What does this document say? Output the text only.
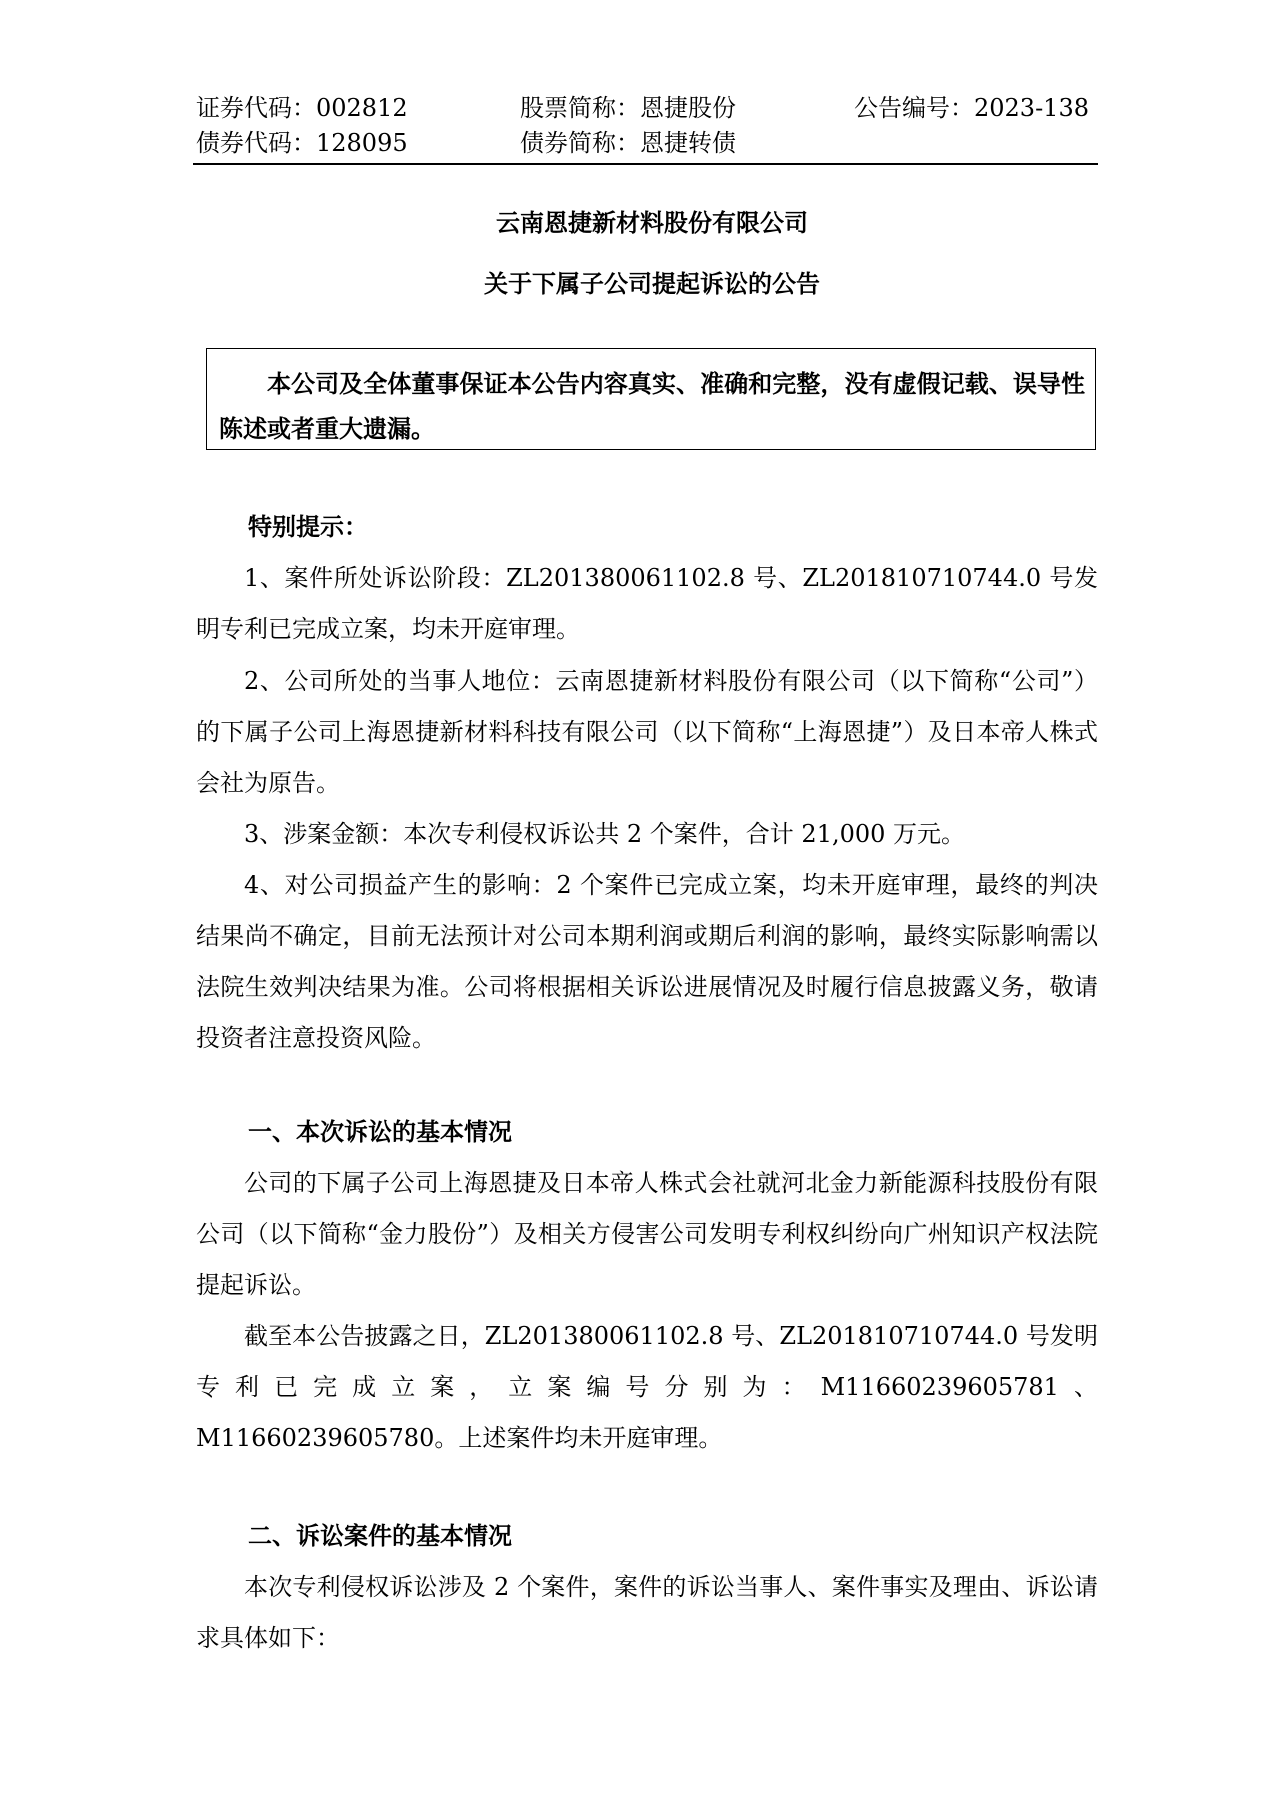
证券代码：002812	股票简称：恩捷股份	公告编号：2023-138
债券代码：128095	债券简称：恩捷转债
云南恩捷新材料股份有限公司
关于下属子公司提起诉讼的公告
本公司及全体董事保证本公告内容真实、准确和完整，没有虚假记载、误导性陈述或者重大遗漏。
特别提示：

1、案件所处诉讼阶段：ZL201380061102.8 号、ZL201810710744.0 号发明专利已完成立案，均未开庭审理。

2、公司所处的当事人地位：云南恩捷新材料股份有限公司（以下简称“公司”）的下属子公司上海恩捷新材料科技有限公司（以下简称“上海恩捷”）及日本帝人株式会社为原告。

3、涉案金额：本次专利侵权诉讼共 2 个案件，合计 21,000 万元。

4、对公司损益产生的影响：2 个案件已完成立案，均未开庭审理，最终的判决结果尚不确定，目前无法预计对公司本期利润或期后利润的影响，最终实际影响需以法院生效判决结果为准。公司将根据相关诉讼进展情况及时履行信息披露义务，敬请投资者注意投资风险。

一、本次诉讼的基本情况

公司的下属子公司上海恩捷及日本帝人株式会社就河北金力新能源科技股份有限公司（以下简称“金力股份”）及相关方侵害公司发明专利权纠纷向广州知识产权法院提起诉讼。

截至本公告披露之日，ZL201380061102.8 号、ZL201810710744.0 号发明专利已完成立案，立案编号分别为：M11660239605781、M11660239605780。上述案件均未开庭审理。

二、诉讼案件的基本情况

本次专利侵权诉讼涉及 2 个案件，案件的诉讼当事人、案件事实及理由、诉讼请求具体如下：
